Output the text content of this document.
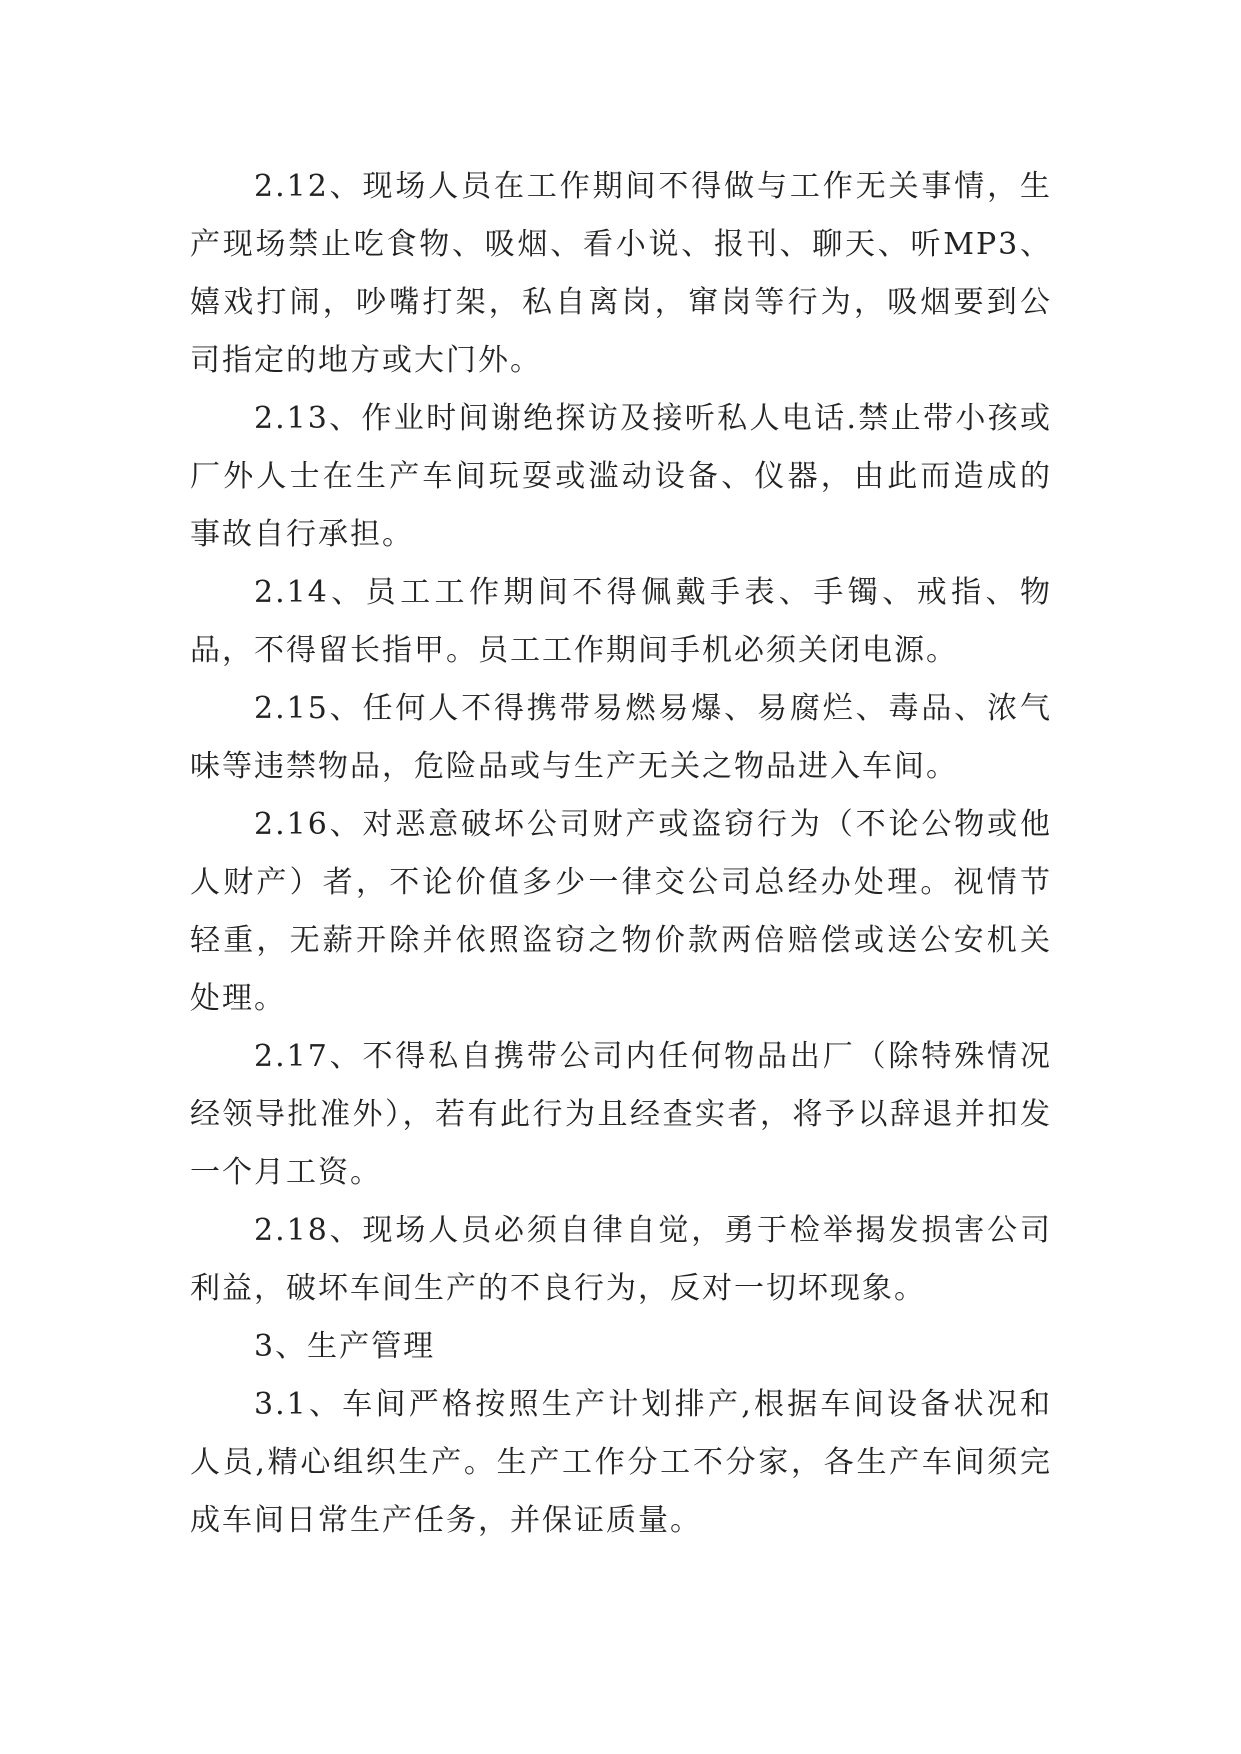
2.12、现场人员在工作期间不得做与工作无关事情，生产现场禁止吃食物、吸烟、看小说、报刊、聊天、听MP3、嬉戏打闹，吵嘴打架，私自离岗，窜岗等行为，吸烟要到公司指定的地方或大门外。

2.13、作业时间谢绝探访及接听私人电话.禁止带小孩或厂外人士在生产车间玩耍或滥动设备、仪器，由此而造成的事故自行承担。

2.14、员工工作期间不得佩戴手表、手镯、戒指、物品，不得留长指甲。员工工作期间手机必须关闭电源。

2.15、任何人不得携带易燃易爆、易腐烂、毒品、浓气味等违禁物品，危险品或与生产无关之物品进入车间。

2.16、对恶意破坏公司财产或盗窃行为（不论公物或他人财产）者，不论价值多少一律交公司总经办处理。视情节轻重，无薪开除并依照盗窃之物价款两倍赔偿或送公安机关处理。

2.17、不得私自携带公司内任何物品出厂（除特殊情况经领导批准外），若有此行为且经查实者，将予以辞退并扣发一个月工资。

2.18、现场人员必须自律自觉，勇于检举揭发损害公司利益，破坏车间生产的不良行为，反对一切坏现象。

3、生产管理

3.1、车间严格按照生产计划排产,根据车间设备状况和人员,精心组织生产。生产工作分工不分家，各生产车间须完成车间日常生产任务，并保证质量。
